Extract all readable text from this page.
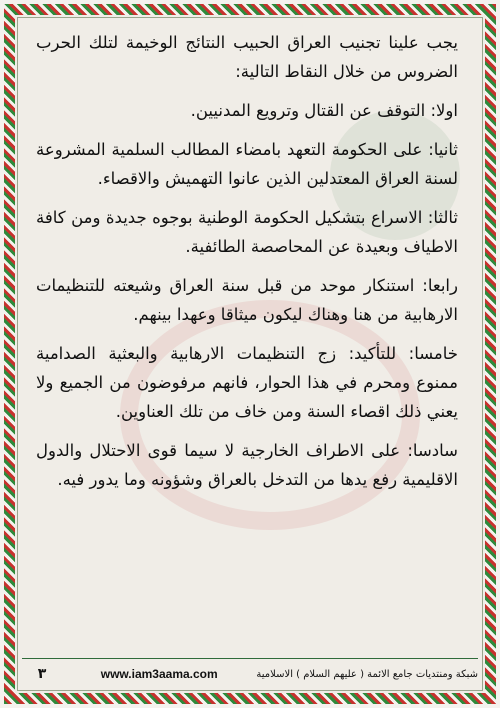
يجب علينا تجنيب العراق الحبيب النتائج الوخيمة لتلك الحرب الضروس من خلال النقاط التالية:

اولا: التوقف عن القتال وترويع المدنيين.

ثانيا: على الحكومة التعهد بامضاء المطالب السلمية المشروعة لسنة العراق المعتدلين الذين عانوا التهميش والاقصاء.

ثالثا: الاسراع بتشكيل الحكومة الوطنية بوجوه جديدة ومن كافة الاطياف وبعيدة عن المحاصصة الطائفية.

رابعا: استنكار موحد من قبل سنة العراق وشيعته للتنظيمات الارهابية من هنا وهناك ليكون ميثاقا وعهدا بينهم.

خامسا: للتأكيد: زج التنظيمات الارهابية والبعثية الصدامية ممنوع ومحرم في هذا الحوار، فانهم مرفوضون من الجميع ولا يعني ذلك اقصاء السنة ومن خاف من تلك العناوين.

سادسا: على الاطراف الخارجية لا سيما قوى الاحتلال والدول الاقليمية رفع يدها من التدخل بالعراق وشؤونه وما يدور فيه.

٣	www.iam3aama.com	شبكة ومنتديات جامع الائمة ( عليهم السلام ) الاسلامية
